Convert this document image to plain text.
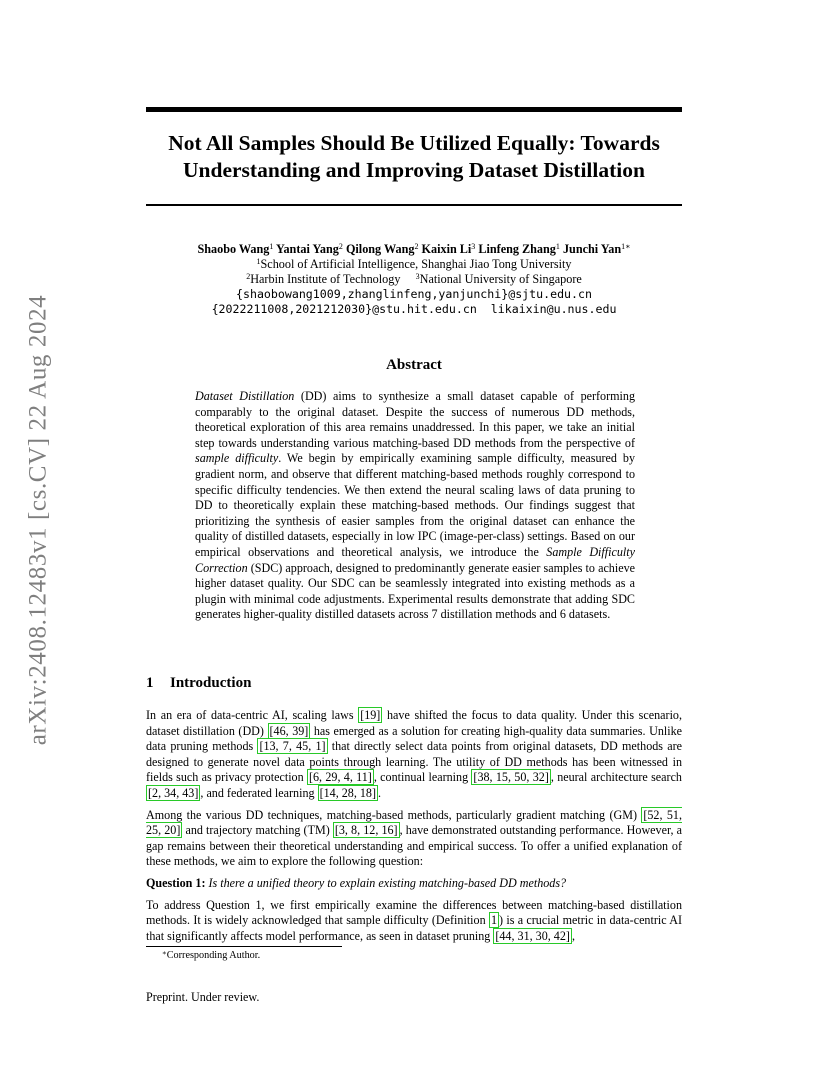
arXiv:2408.12483v1 [cs.CV] 22 Aug 2024
Not All Samples Should Be Utilized Equally: Towards
Understanding and Improving Dataset Distillation
Shaobo Wang$^1$ Yantai Yang$^2$ Qilong Wang$^2$ Kaixin Li$^3$ Linfeng Zhang$^1$ Junchi Yan$^{1∗}$
$^1$School of Artificial Intelligence, Shanghai Jiao Tong University
$^2$Harbin Institute of Technology $^3$National University of Singapore
{shaobowang1009,zhanglinfeng,yanjunchi}@sjtu.edu.cn
{2022211008,2021212030}@stu.hit.edu.cn likaixin@u.nus.edu
Abstract

Dataset Distillation (DD) aims to synthesize a small dataset capable of performing comparably to the original dataset. Despite the success of numerous DD methods, theoretical exploration of this area remains unaddressed. In this paper, we take an initial step towards understanding various matching-based DD methods from the perspective of sample difficulty. We begin by empirically examining sample difficulty, measured by gradient norm, and observe that different matching-based methods roughly correspond to specific difficulty tendencies. We then extend the neural scaling laws of data pruning to DD to theoretically explain these matching-based methods. Our findings suggest that prioritizing the synthesis of easier samples from the original dataset can enhance the quality of distilled datasets, especially in low IPC (image-per-class) settings. Based on our empirical observations and theoretical analysis, we introduce the Sample Difficulty Correction (SDC) approach, designed to predominantly generate easier samples to achieve higher dataset quality. Our SDC can be seamlessly integrated into existing methods as a plugin with minimal code adjustments. Experimental results demonstrate that adding SDC generates higher-quality distilled datasets across 7 distillation methods and 6 datasets.

1 Introduction

In an era of data-centric AI, scaling laws [19] have shifted the focus to data quality. Under this scenario, dataset distillation (DD) [46, 39] has emerged as a solution for creating high-quality data summaries. Unlike data pruning methods [13, 7, 45, 1] that directly select data points from original datasets, DD methods are designed to generate novel data points through learning. The utility of DD methods has been witnessed in fields such as privacy protection [6, 29, 4, 11] , continual learning [38, 15, 50, 32] , neural architecture search [2, 34, 43] , and federated learning [14, 28, 18] .

Among the various DD techniques, matching-based methods, particularly gradient matching (GM) [52, 51, 25, 20] and trajectory matching (TM) [3, 8, 12, 16] , have demonstrated outstanding performance. However, a gap remains between their theoretical understanding and empirical success. To offer a unified explanation of these methods, we aim to explore the following question:

Question 1: Is there a unified theory to explain existing matching-based DD methods?

To address Question 1, we first empirically examine the differences between matching-based distillation methods. It is widely acknowledged that sample difficulty (Definition 1 ) is a crucial metric in data-centric AI that significantly affects model performance, as seen in dataset pruning [44, 31, 30, 42] ,

∗Corresponding Author.
Preprint. Under review.
